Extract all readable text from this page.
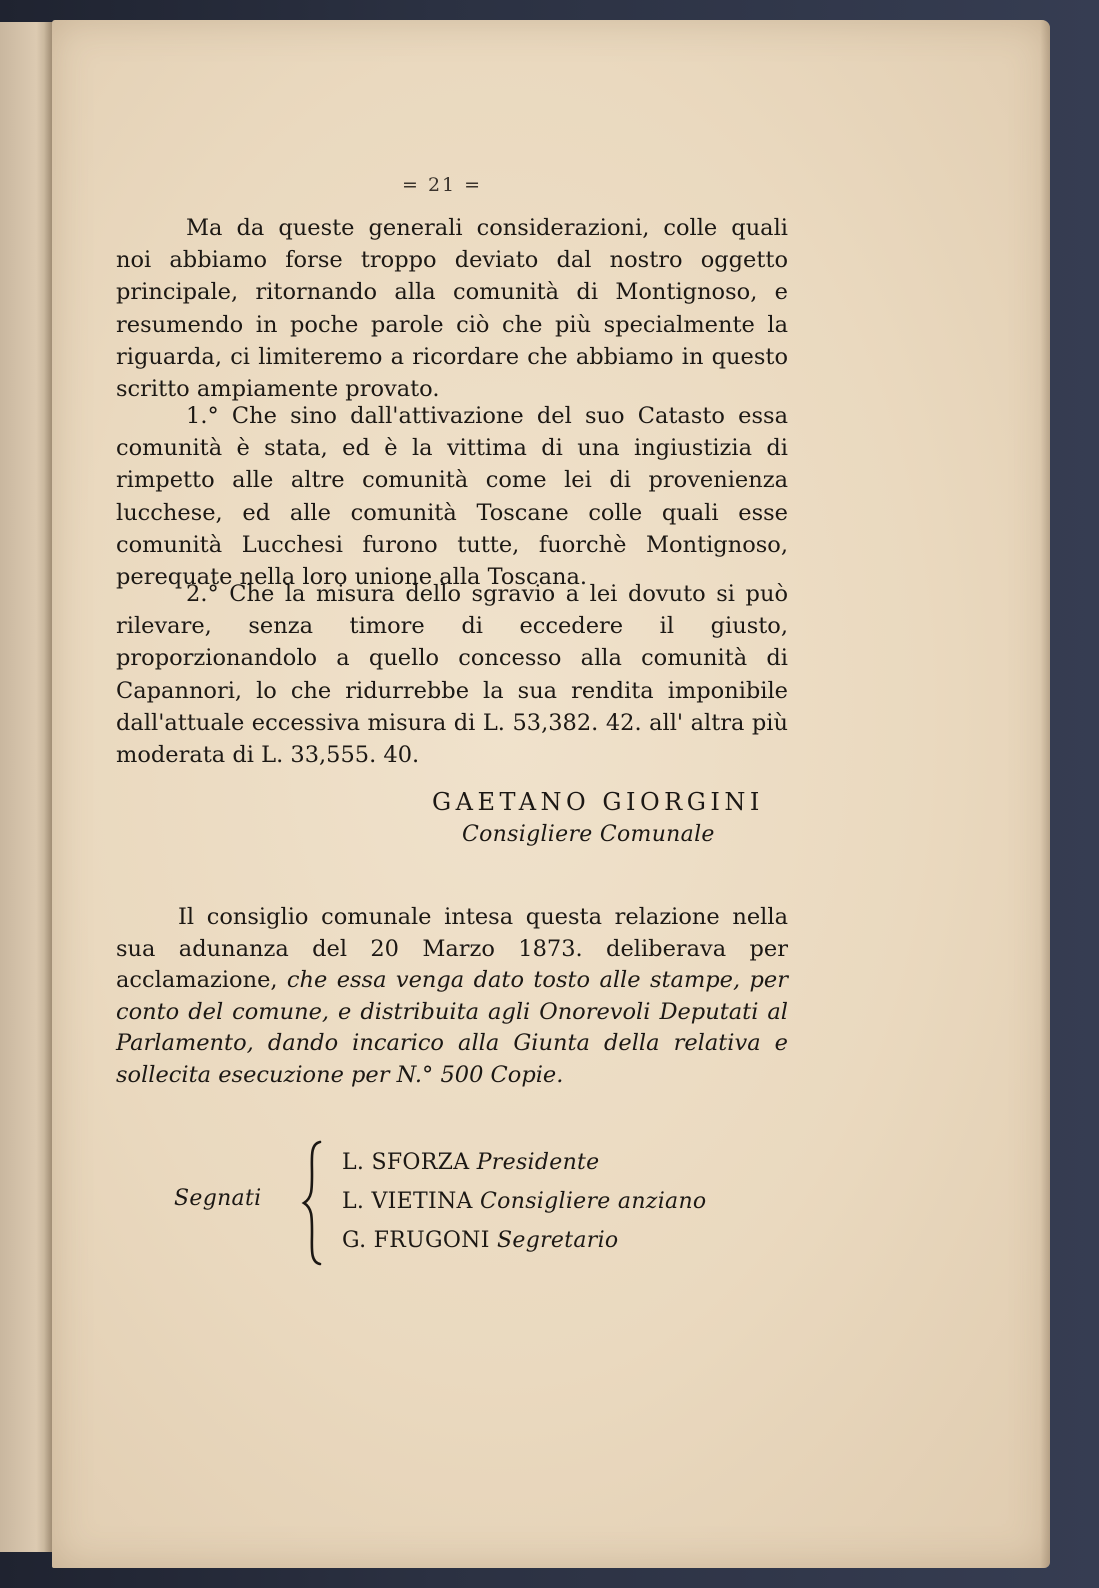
= 21 =
Ma da queste generali considerazioni, colle quali noi abbiamo forse troppo deviato dal nostro oggetto principale, ritornando alla comunità di Montignoso, e resumendo in poche parole ciò che più specialmente la riguarda, ci limiteremo a ricordare che abbiamo in questo scritto ampiamente provato.
1.° Che sino dall'attivazione del suo Catasto essa comunità è stata, ed è la vittima di una ingiustizia di rimpetto alle altre comunità come lei di provenienza lucchese, ed alle comunità Toscane colle quali esse comunità Lucchesi furono tutte, fuorchè Montignoso, perequate nella loro unione alla Toscana.
2.° Che la misura dello sgravio a lei dovuto si può rilevare, senza timore di eccedere il giusto, proporzionandolo a quello concesso alla comunità di Capannori, lo che ridurrebbe la sua rendita imponibile dall'attuale eccessiva misura di L. 53,382. 42. all' altra più moderata di L. 33,555. 40.
GAETANO GIORGINI
Consigliere Comunale
Il consiglio comunale intesa questa relazione nella sua adunanza del 20 Marzo 1873. deliberava per acclamazione, che essa venga dato tosto alle stampe, per conto del comune, e distribuita agli Onorevoli Deputati al Parlamento, dando incarico alla Giunta della relativa e sollecita esecuzione per N.° 500 Copie.
Segnati
L. SFORZA Presidente
L. VIETINA Consigliere anziano
G. FRUGONI Segretario
